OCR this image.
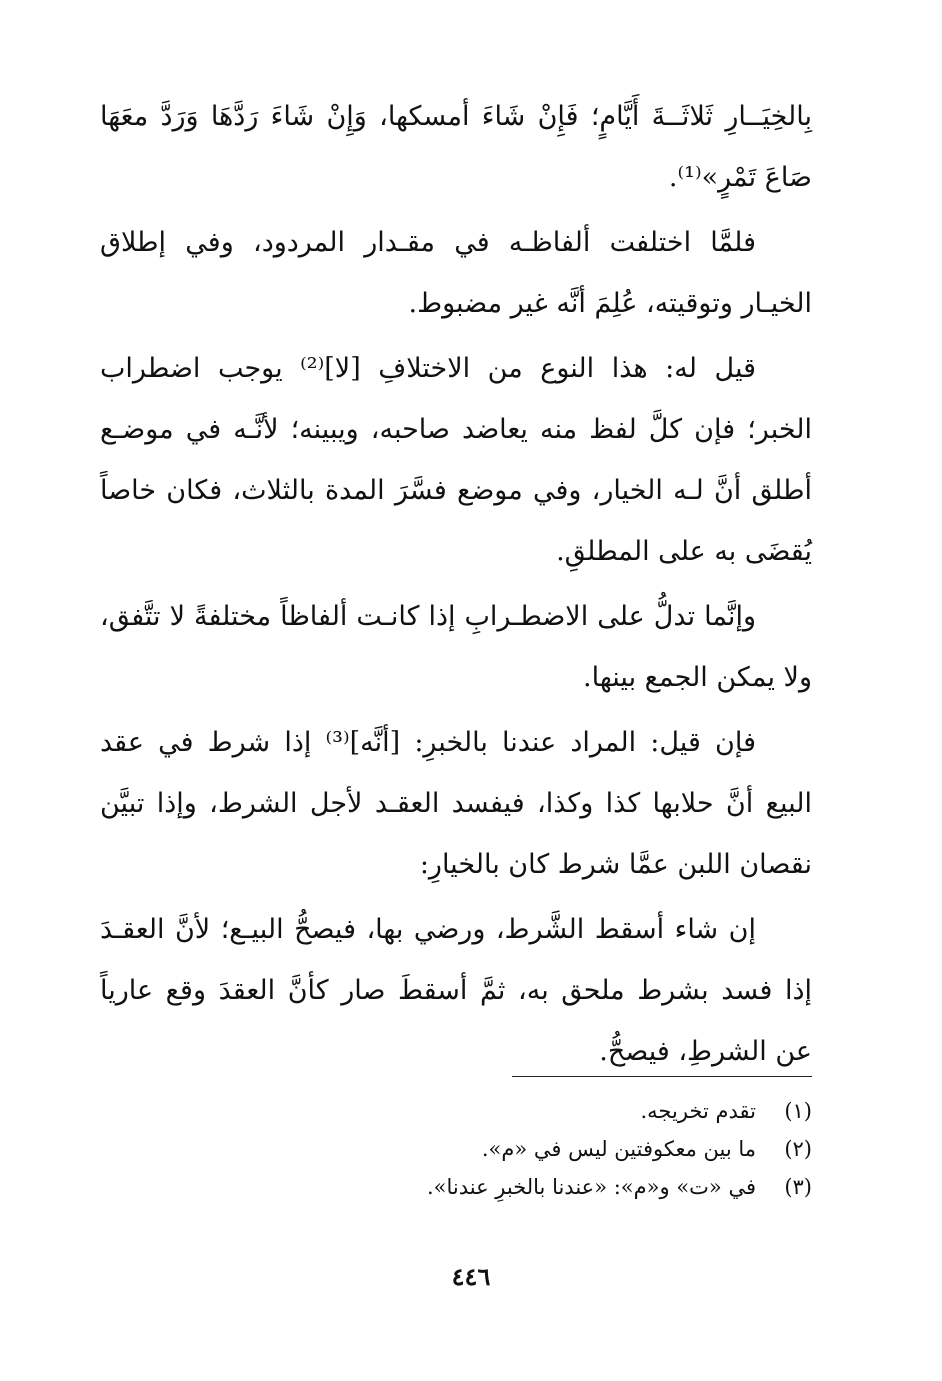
بِالخِيَــارِ ثَلاثَــةَ أَيَّامٍ؛ فَإِنْ شَاءَ أمسكها، وَإِنْ شَاءَ رَدَّهَا وَرَدَّ معَهَا صَاعَ تَمْرٍ»⁽¹⁾.

فلمَّا اختلفت ألفاظـه في مقـدار المردود، وفي إطلاق الخيـار وتوقيته، عُلِمَ أنَّه غير مضبوط.

قيل له: هذا النوع من الاختلافِ [لا]⁽²⁾ يوجب اضطراب الخبر؛ فإن كلَّ لفظ منه يعاضد صاحبه، ويبينه؛ لأنَّـه في موضـع أطلق أنَّ لـه الخيار، وفي موضع فسَّرَ المدة بالثلاث، فكان خاصاً يُقضَى به على المطلقِ.

وإنَّما تدلُّ على الاضطـرابِ إذا كانـت ألفاظاً مختلفةً لا تتَّفق، ولا يمكن الجمع بينها.

فإن قيل: المراد عندنا بالخبرِ: [أنَّه]⁽³⁾ إذا شرط في عقد البيع أنَّ حلابها كذا وكذا، فيفسد العقـد لأجل الشرط، وإذا تبيَّن نقصان اللبن عمَّا شرط كان بالخيارِ:

إن شاء أسقط الشَّرط، ورضي بها، فيصحُّ البيـع؛ لأنَّ العقـدَ إذا فسد بشرط ملحق به، ثمَّ أسقطَ صار كأنَّ العقدَ وقع عارياً عن الشرطِ، فيصحُّ.

(١)
تقدم تخريجه.
(٢)
ما بين معكوفتين ليس في «م».
(٣)
في «ت» و«م»: «عندنا بالخبرِ عندنا».
٤٤٦
